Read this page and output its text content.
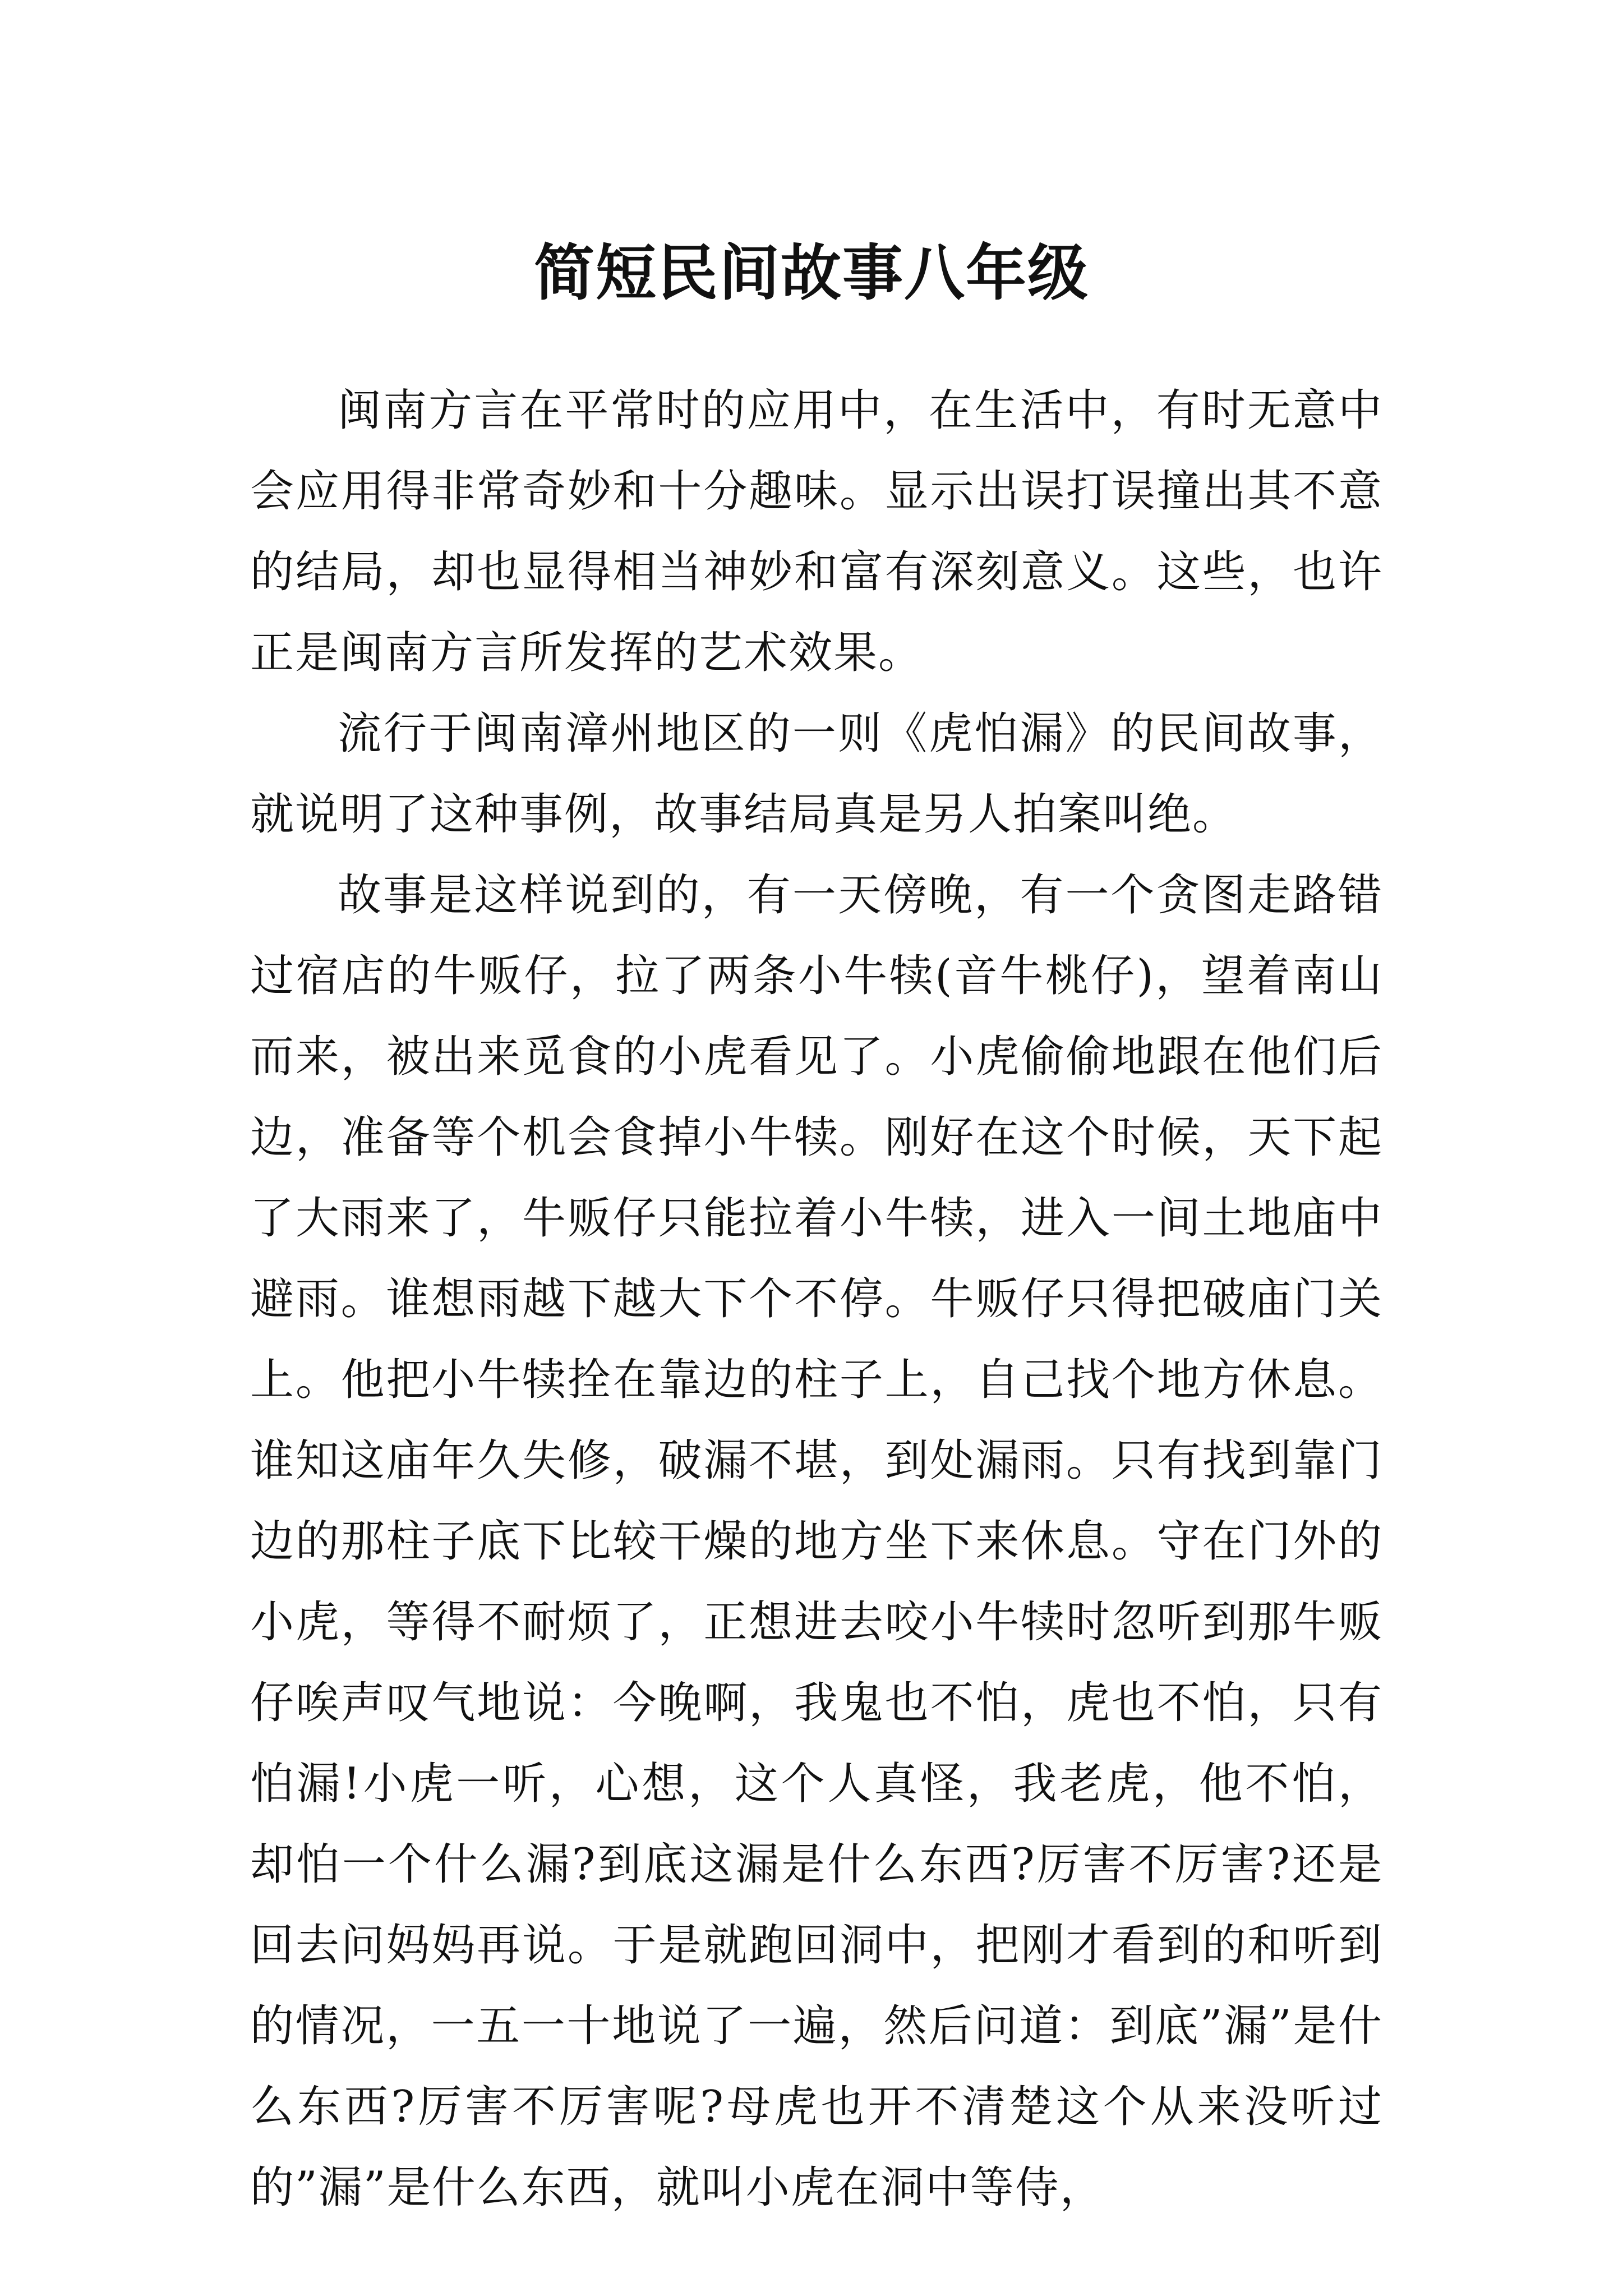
简短民间故事八年级

闽南方言在平常时的应用中，在生活中，有时无意中会应用得非常奇妙和十分趣味。显示出误打误撞出其不意的结局，却也显得相当神妙和富有深刻意义。这些，也许正是闽南方言所发挥的艺术效果。

流行于闽南漳州地区的一则《虎怕漏》的民间故事，就说明了这种事例，故事结局真是另人拍案叫绝。

故事是这样说到的，有一天傍晚，有一个贪图走路错过宿店的牛贩仔，拉了两条小牛犊(音牛桃仔)，望着南山而来，被出来觅食的小虎看见了。小虎偷偷地跟在他们后边，准备等个机会食掉小牛犊。刚好在这个时候，天下起了大雨来了，牛贩仔只能拉着小牛犊，进入一间土地庙中避雨。谁想雨越下越大下个不停。牛贩仔只得把破庙门关上。他把小牛犊拴在靠边的柱子上，自己找个地方休息。谁知这庙年久失修，破漏不堪，到处漏雨。只有找到靠门边的那柱子底下比较干燥的地方坐下来休息。守在门外的小虎，等得不耐烦了，正想进去咬小牛犊时忽听到那牛贩仔唉声叹气地说：今晚啊，我鬼也不怕，虎也不怕，只有怕漏!小虎一听，心想，这个人真怪，我老虎，他不怕，却怕一个什么漏?到底这漏是什么东西?厉害不厉害?还是回去问妈妈再说。于是就跑回洞中，把刚才看到的和听到的情况，一五一十地说了一遍，然后问道：到底”漏”是什么东西?厉害不厉害呢?母虎也开不清楚这个从来没听过的”漏”是什么东西，就叫小虎在洞中等侍，
